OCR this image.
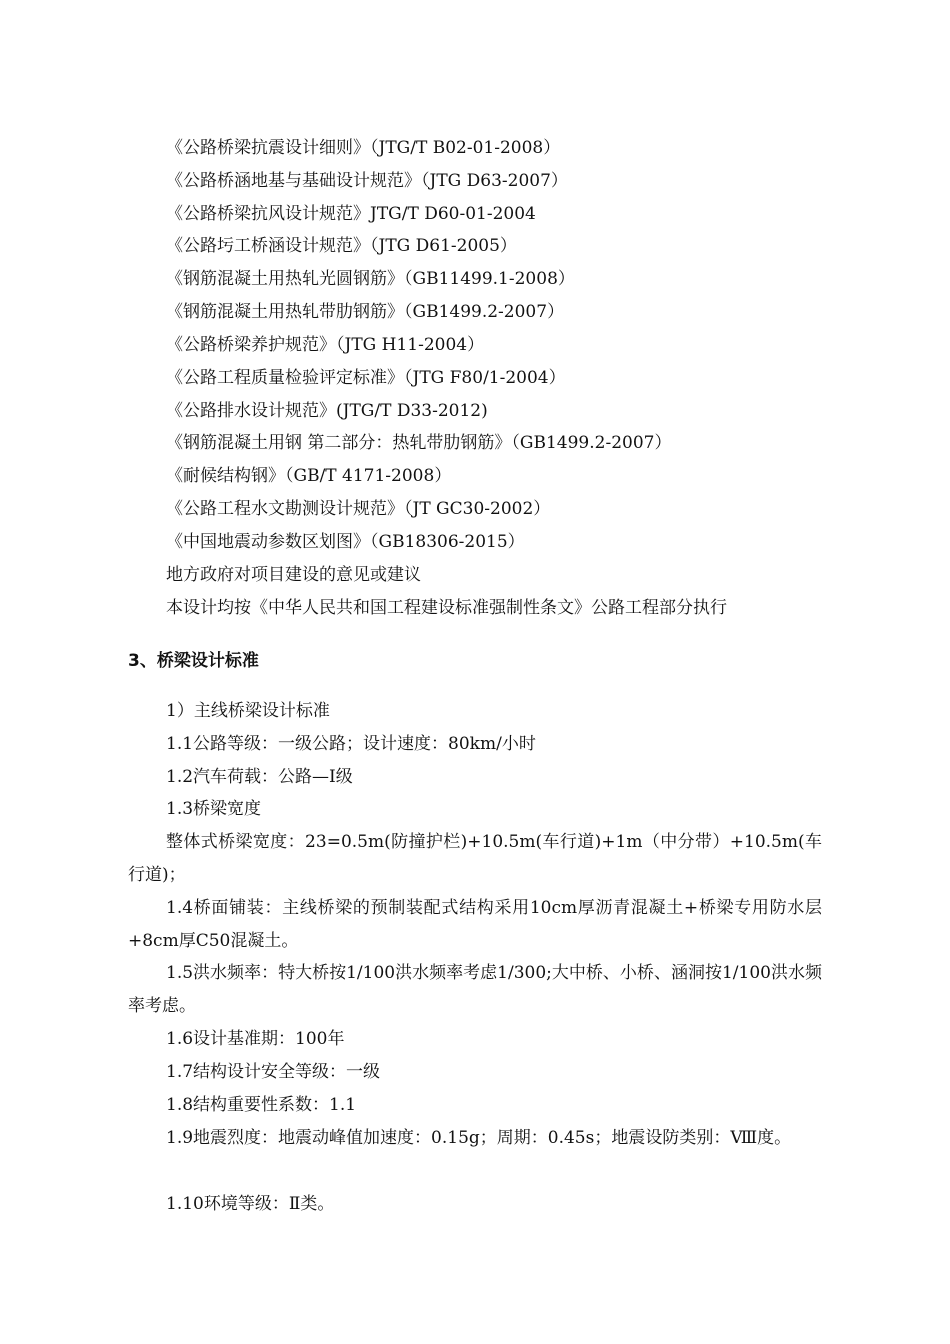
《公路桥梁抗震设计细则》（JTG/T B02-01-2008）
《公路桥涵地基与基础设计规范》（JTG D63-2007）
《公路桥梁抗风设计规范》JTG/T D60-01-2004
《公路圬工桥涵设计规范》（JTG D61-2005）
《钢筋混凝土用热轧光圆钢筋》（GB11499.1-2008）
《钢筋混凝土用热轧带肋钢筋》（GB1499.2-2007）
《公路桥梁养护规范》（JTG H11-2004）
《公路工程质量检验评定标准》（JTG F80/1-2004）
《公路排水设计规范》(JTG/T D33-2012)
《钢筋混凝土用钢 第二部分：热轧带肋钢筋》（GB1499.2-2007）
《耐候结构钢》（GB/T 4171-2008）
《公路工程水文勘测设计规范》（JT GC30-2002）
《中国地震动参数区划图》（GB18306-2015）
地方政府对项目建设的意见或建议
本设计均按《中华人民共和国工程建设标准强制性条文》公路工程部分执行
3、桥梁设计标准
1）主线桥梁设计标准
1.1公路等级：一级公路；设计速度：80km/小时
1.2汽车荷载：公路—Ⅰ级
1.3桥梁宽度
整体式桥梁宽度：23=0.5m(防撞护栏)+10.5m(车行道)+1m（中分带）+10.5m(车行道)；
1.4桥面铺装：主线桥梁的预制装配式结构采用10cm厚沥青混凝土+桥梁专用防水层+8cm厚C50混凝土。
1.5洪水频率：特大桥按1/100洪水频率考虑1/300;大中桥、小桥、涵洞按1/100洪水频率考虑。
1.6设计基准期：100年
1.7结构设计安全等级：一级
1.8结构重要性系数：1.1
1.9地震烈度：地震动峰值加速度：0.15g；周期：0.45s；地震设防类别：Ⅷ度。
1.10环境等级：Ⅱ类。
